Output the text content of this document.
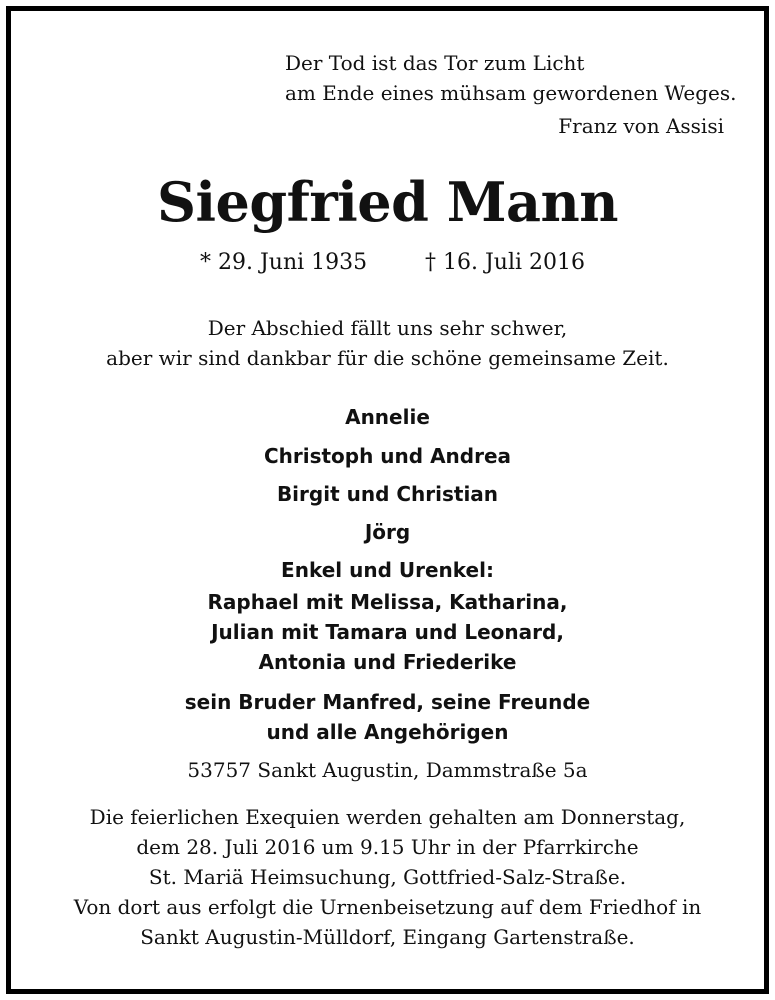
Der Tod ist das Tor zum Licht
am Ende eines mühsam gewordenen Weges.
Franz von Assisi
Siegfried Mann
* 29. Juni 1935	† 16. Juli 2016
Der Abschied fällt uns sehr schwer,
aber wir sind dankbar für die schöne gemeinsame Zeit.
Annelie
Christoph und Andrea
Birgit und Christian
Jörg
Enkel und Urenkel:
Raphael mit Melissa, Katharina,
Julian mit Tamara und Leonard,
Antonia und Friederike
sein Bruder Manfred, seine Freunde
und alle Angehörigen
53757 Sankt Augustin, Dammstraße 5a
Die feierlichen Exequien werden gehalten am Donnerstag,
dem 28. Juli 2016 um 9.15 Uhr in der Pfarrkirche
St. Mariä Heimsuchung, Gottfried-Salz-Straße.
Von dort aus erfolgt die Urnenbeisetzung auf dem Friedhof in
Sankt Augustin-Mülldorf, Eingang Gartenstraße.
